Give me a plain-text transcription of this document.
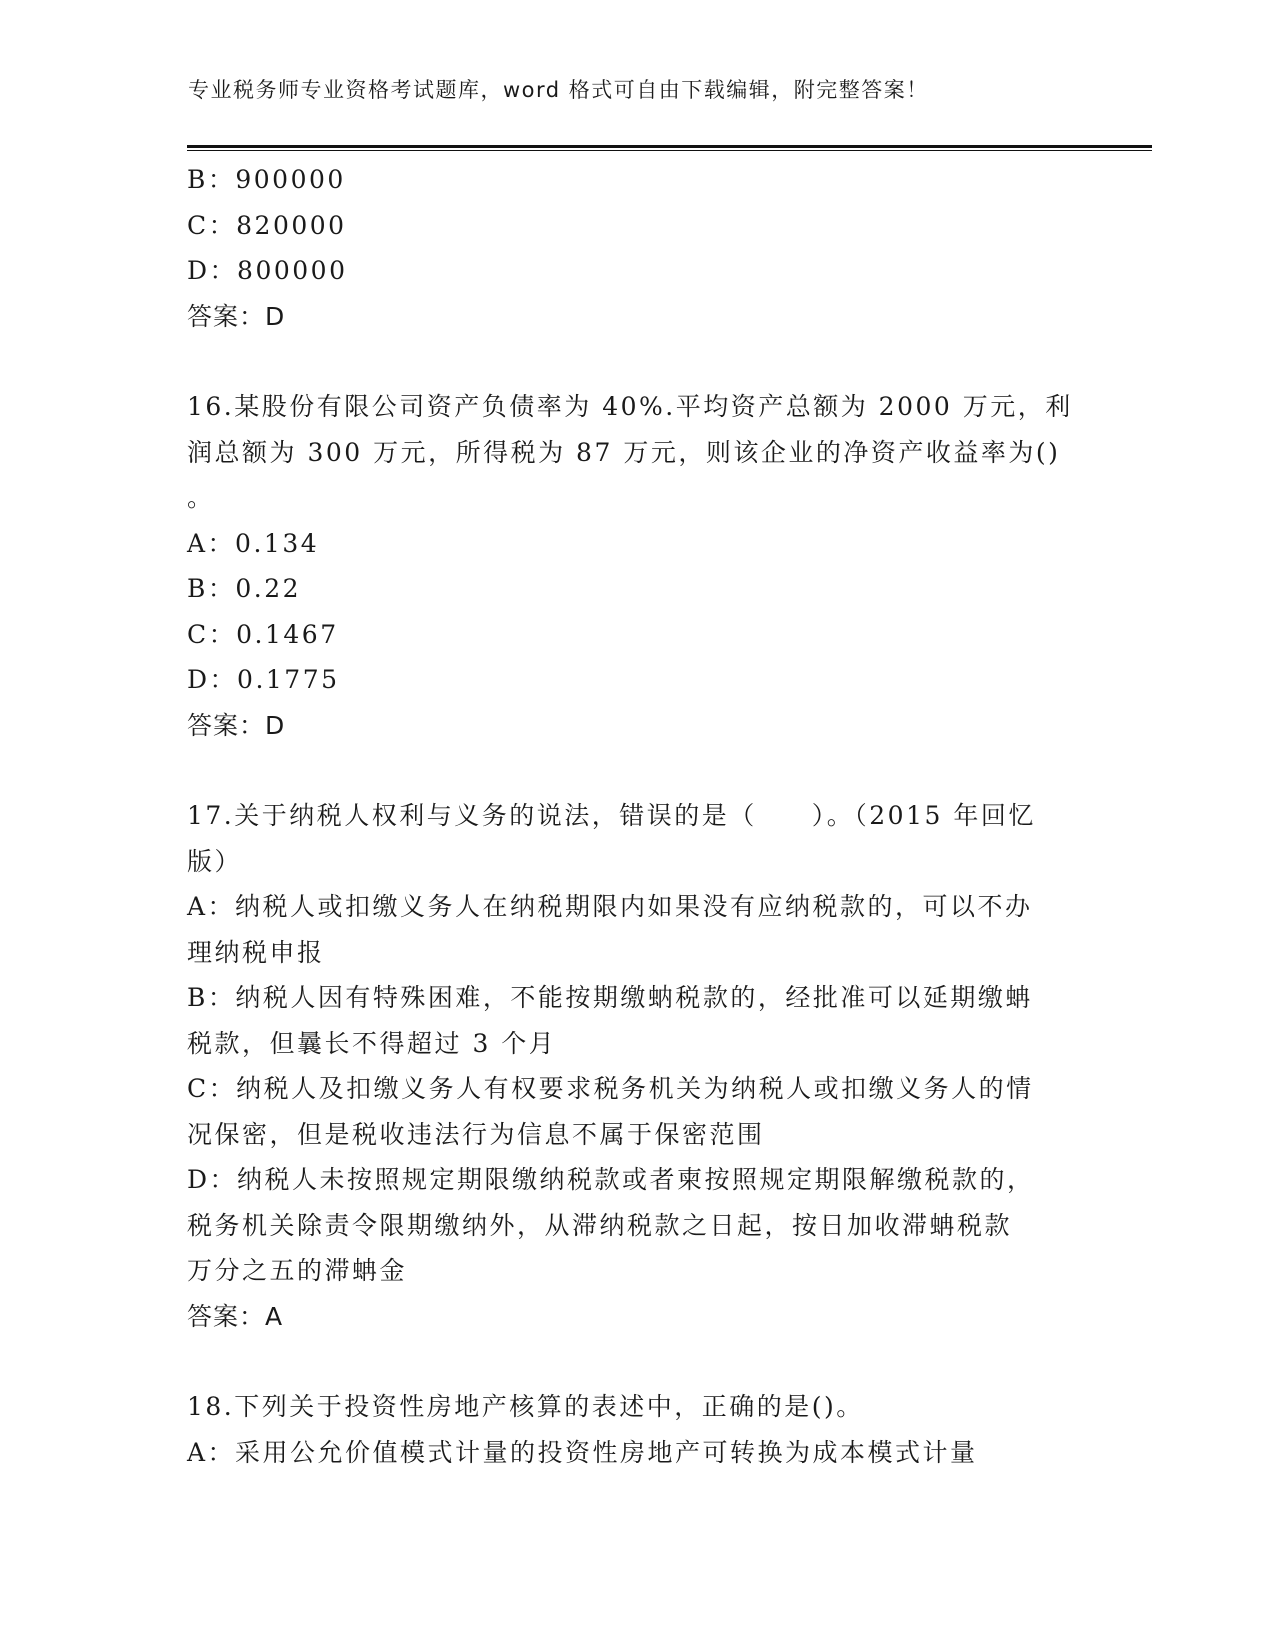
专业税务师专业资格考试题库，word 格式可自由下载编辑，附完整答案！
B：900000
C：820000
D：800000
答案：D
16.某股份有限公司资产负债率为 40%.平均资产总额为 2000 万元，利
润总额为 300 万元，所得税为 87 万元，则该企业的净资产收益率为()
。
A：0.134
B：0.22
C：0.1467
D：0.1775
答案：D
17.关于纳税人权利与义务的说法，错误的是（　　）。（2015 年回忆
版）
A：纳税人或扣缴义务人在纳税期限内如果没有应纳税款的，可以不办
理纳税申报
B：纳税人因有特殊困难，不能按期缴蚋税款的，经批准可以延期缴蚺
税款，但曩长不得超过 3 个月
C：纳税人及扣缴义务人有权要求税务机关为纳税人或扣缴义务人的情
况保密，但是税收违法行为信息不属于保密范围
D：纳税人未按照规定期限缴纳税款或者柬按照规定期限解缴税款的，
税务机关除责令限期缴纳外，从滞纳税款之日起，按日加收滞蚺税款
万分之五的滞蚺金
答案：A
18.下列关于投资性房地产核算的表述中，正确的是()。
A：采用公允价值模式计量的投资性房地产可转换为成本模式计量
